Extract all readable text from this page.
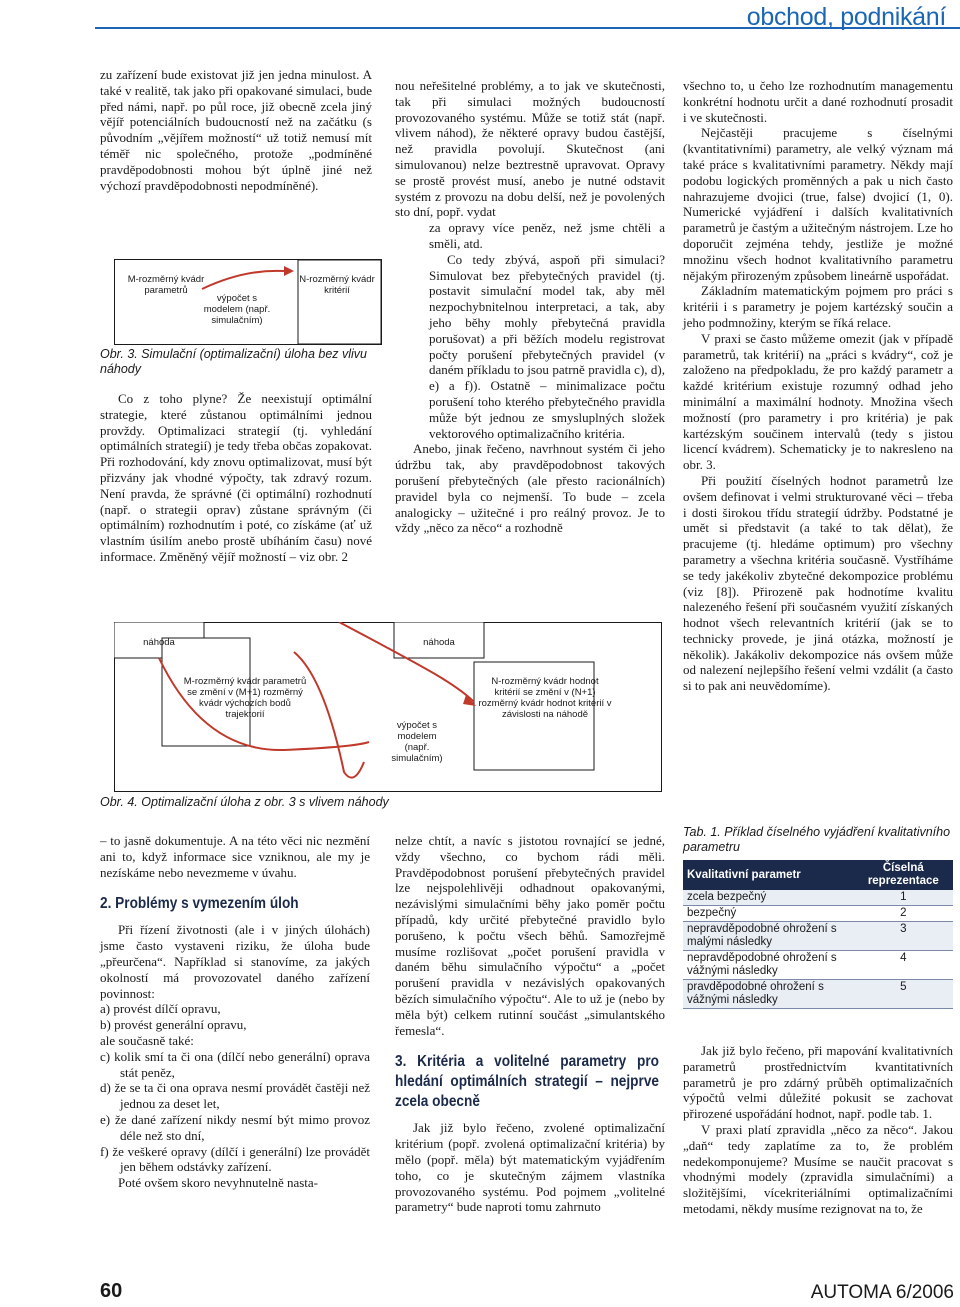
obchod, podnikání

zu zařízení bude existovat již jen jedna minulost. A také v realitě, tak jako při opakované simulaci, bude před námi, např. po půl roce, již obecně zcela jiný vějíř potenciálních budoucností než na začátku (s původním „vějířem možností“ už totiž nemusí mít téměř nic společného, protože „podmíněné pravděpodobnosti mohou být úplně jiné než výchozí pravděpodobnosti nepodmíněné).

M-rozměrný kvádr parametrů
N-rozměrný kvádr kritérií
výpočet s modelem (např. simulačním)
Obr. 3. Simulační (optimalizační) úloha bez vlivu náhody

Co z toho plyne? Že neexistují optimální strategie, které zůstanou optimálními jednou provždy. Optimalizaci strategií (tj. vyhledání optimálních strategií) je tedy třeba občas zopakovat. Při rozhodování, kdy znovu optimalizovat, musí být přizvány jak vhodné výpočty, tak zdravý rozum. Není pravda, že správné (či optimální) rozhodnutí (např. o strategii oprav) zůstane správným (či optimálním) rozhodnutím i poté, co získáme (ať už vlastním úsilím anebo prostě ubíháním času) nové informace. Změněný vějíř možností – viz obr. 2

náhoda	náhoda
M-rozměrný kvádr parametrů se změní v (M+1) rozměrný kvádr výchozích bodů trajektorií
výpočet s modelem (např. simulačním)
N-rozměrný kvádr hodnot kritérií se změní v (N+1) rozměrný kvádr hodnot kritérií v závislosti na náhodě
Obr. 4. Optimalizační úloha z obr. 3 s vlivem náhody

nou neřešitelné problémy, a to jak ve skutečnosti, tak při simulaci možných budoucností provozovaného systému. Může se totiž stát (např. vlivem náhod), že některé opravy budou častější, než pravidla povolují. Skutečnost (ani simulovanou) nelze beztrestně upravovat. Opravy se prostě provést musí, anebo je nutné odstavit systém z provozu na dobu delší, než je povolených sto dní, popř. vydat

za opravy více peněz, než jsme chtěli a směli, atd.

Co tedy zbývá, aspoň při simulaci? Simulovat bez přebytečných pravidel (tj. postavit simulační model tak, aby měl nezpochybnitelnou interpretaci, a tak, aby jeho běhy mohly přebytečná pravidla porušovat) a při běžích modelu registrovat počty porušení přebytečných pravidel (v daném příkladu to jsou patrně pravidla c), d), e) a f)). Ostatně – minimalizace počtu porušení toho kterého přebytečného pravidla může být jednou ze smysluplných složek vektorového optimalizačního kritéria.

Anebo, jinak řečeno, navrhnout systém či jeho údržbu tak, aby pravděpodobnost takových porušení přebytečných (ale přesto racionálních) pravidel byla co nejmenší. To bude – zcela analogicky – užitečné i pro reálný provoz. Je to vždy „něco za něco“ a rozhodně

všechno to, u čeho lze rozhodnutím managementu konkrétní hodnotu určit a dané rozhodnutí prosadit i ve skutečnosti.

Nejčastěji pracujeme s číselnými (kvantitativními) parametry, ale velký význam má také práce s kvalitativními parametry. Někdy mají podobu logických proměnných a pak u nich často nahrazujeme dvojici (true, false) dvojicí (1, 0). Numerické vyjádření i dalších kvalitativních parametrů je častým a užitečným nástrojem. Lze ho doporučit zejména tehdy, jestliže je možné množinu všech hodnot kvalitativního parametru nějakým přirozeným způsobem lineárně uspořádat.

Základním matematickým pojmem pro práci s kritérii i s parametry je pojem kartézský součin a jeho podmnožiny, kterým se říká relace.

V praxi se často můžeme omezit (jak v případě parametrů, tak kritérií) na „práci s kvádry“, což je založeno na předpokladu, že pro každý parametr a každé kritérium existuje rozumný odhad jeho minimální a maximální hodnoty. Množina všech možností (pro parametry i pro kritéria) je pak kartézským součinem intervalů (tedy s jistou licencí kvádrem). Schematicky je to nakresleno na obr. 3.

Při použití číselných hodnot parametrů lze ovšem definovat i velmi strukturované věci – třeba i dosti širokou třídu strategií údržby. Podstatné je umět si představit (a také to tak dělat), že pracujeme (tj. hledáme optimum) pro všechny parametry a všechna kritéria současně. Vystříháme se tedy jakékoliv zbytečné dekompozice problému (viz [8]). Přirozeně pak hodnotíme kvalitu nalezeného řešení při současném využití získaných hodnot všech relevantních kritérií (jak se to technicky provede, je jiná otázka, možností je několik). Jakákoliv dekompozice nás ovšem může od nalezení nejlepšího řešení velmi vzdálit (a často si to pak ani neuvědomíme).

Tab. 1. Příklad číselného vyjádření kvalitativního parametru
Kvalitativní parametr	Číselná reprezentace
zcela bezpečný	1
bezpečný	2
nepravděpodobné ohrožení s malými následky	3
nepravděpodobné ohrožení s vážnými následky	4
pravděpodobné ohrožení s vážnými následky	5

– to jasně dokumentuje. A na této věci nic nezmění ani to, když informace sice vzniknou, ale my je nezískáme nebo nevezmeme v úvahu.

2. Problémy s vymezením úloh

Při řízení životnosti (ale i v jiných úlohách) jsme často vystaveni riziku, že úloha bude „přeurčena“. Například si stanovíme, za jakých okolností má provozovatel daného zařízení povinnost:

a) provést dílčí opravu,

b) provést generální opravu,

ale současně také:

c) kolik smí ta či ona (dílčí nebo generální) oprava stát peněz,

d) že se ta či ona oprava nesmí provádět častěji než jednou za deset let,

e) že dané zařízení nikdy nesmí být mimo provoz déle než sto dní,

f) že veškeré opravy (dílčí i generální) lze provádět jen během odstávky zařízení.

Poté ovšem skoro nevyhnutelně nasta-

nelze chtít, a navíc s jistotou rovnající se jedné, vždy všechno, co bychom rádi měli. Pravděpodobnost porušení přebytečných pravidel lze nejspolehlivěji odhadnout opakovanými, nezávislými simulačními běhy jako poměr počtu případů, kdy určité přebytečné pravidlo bylo porušeno, k počtu všech běhů. Samozřejmě musíme rozlišovat „počet porušení pravidla v daném běhu simulačního výpočtu“ a „počet porušení pravidla v nezávislých opakovaných bězích simulačního výpočtu“. Ale to už je (nebo by měla být) celkem rutinní součást „simulantského řemesla“.

3. Kritéria a volitelné parametry pro hledání optimálních strategií – nejprve zcela obecně

Jak již bylo řečeno, zvolené optimalizační kritérium (popř. zvolená optimalizační kritéria) by mělo (popř. měla) být matematickým vyjádřením toho, co je skutečným zájmem vlastníka provozovaného systému. Pod pojmem „volitelné parametry“ bude naproti tomu zahrnuto

Jak již bylo řečeno, při mapování kvalitativních parametrů prostřednictvím kvantitativních parametrů je pro zdárný průběh optimalizačních výpočtů velmi důležité pokusit se zachovat přirozené uspořádání hodnot, např. podle tab. 1.

V praxi platí zpravidla „něco za něco“. Jakou „daň“ tedy zaplatíme za to, že problém nedekomponujeme? Musíme se naučit pracovat s vhodnými modely (zpravidla simulačními) a složitějšími, vícekriteriálními optimalizačními metodami, někdy musíme rezignovat na to, že

60	AUTOMA 6/2006
